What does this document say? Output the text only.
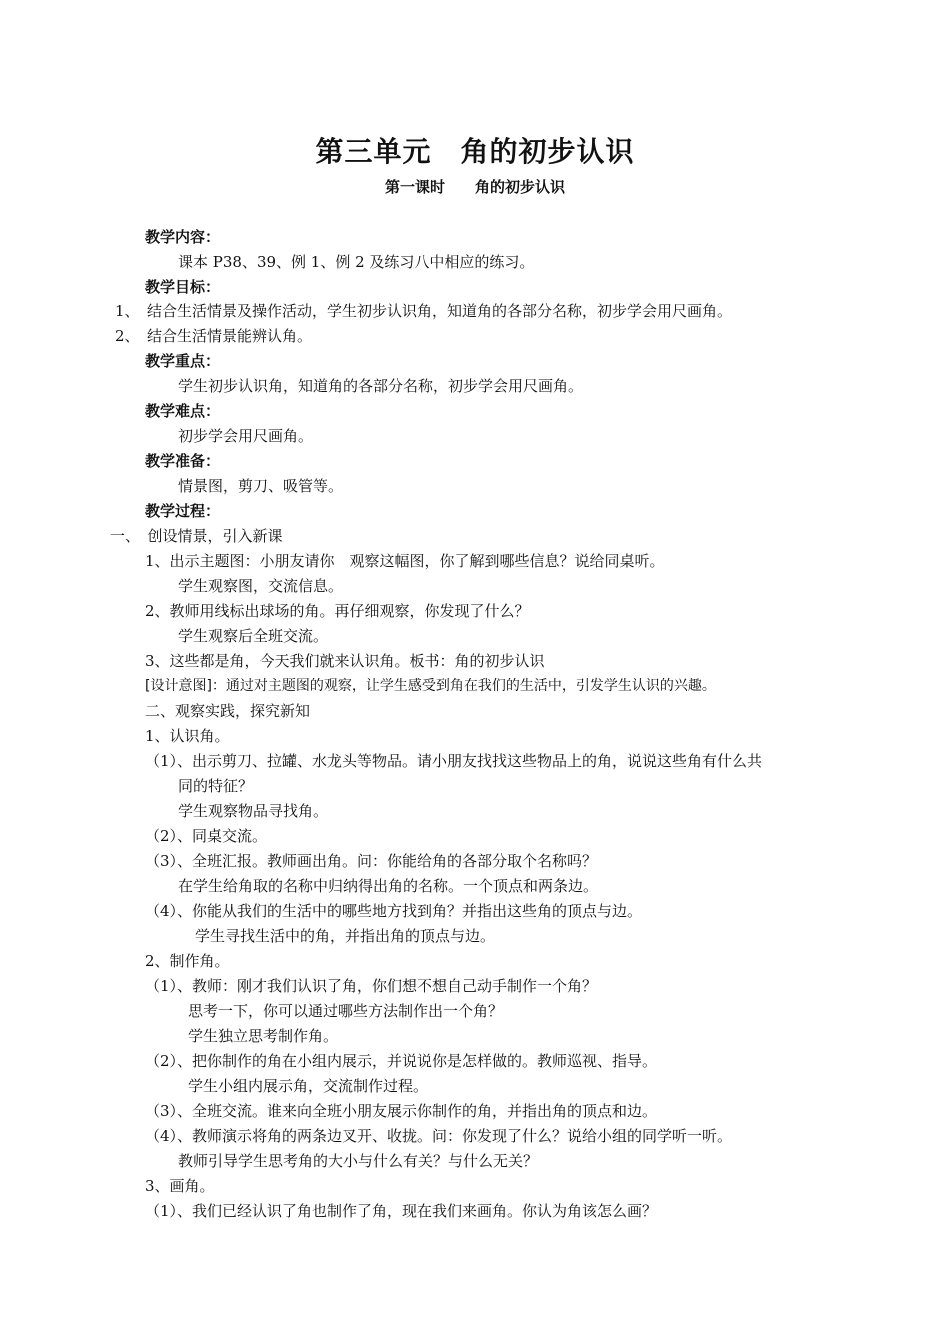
第三单元　角的初步认识
第一课时　　角的初步认识
教学内容：
课本 P38、39、例 1、例 2 及练习八中相应的练习。
教学目标：
1、　结合生活情景及操作活动，学生初步认识角，知道角的各部分名称，初步学会用尺画角。
2、　结合生活情景能辨认角。
教学重点：
学生初步认识角，知道角的各部分名称，初步学会用尺画角。
教学难点：
初步学会用尺画角。
教学准备：
情景图，剪刀、吸管等。
教学过程：
一、　创设情景，引入新课
1、出示主题图：小朋友请你　观察这幅图，你了解到哪些信息？说给同桌听。
学生观察图，交流信息。
2、教师用线标出球场的角。再仔细观察，你发现了什么？
学生观察后全班交流。
3、这些都是角，今天我们就来认识角。板书：角的初步认识
[设计意图]：通过对主题图的观察，让学生感受到角在我们的生活中，引发学生认识的兴趣。
二、观察实践，探究新知
1、认识角。
（1）、出示剪刀、拉罐、水龙头等物品。请小朋友找找这些物品上的角，说说这些角有什么共
同的特征？
学生观察物品寻找角。
（2）、同桌交流。
（3）、全班汇报。教师画出角。问：你能给角的各部分取个名称吗？
在学生给角取的名称中归纳得出角的名称。一个顶点和两条边。
（4）、你能从我们的生活中的哪些地方找到角？并指出这些角的顶点与边。
学生寻找生活中的角，并指出角的顶点与边。
2、制作角。
（1）、教师：刚才我们认识了角，你们想不想自己动手制作一个角？
思考一下，你可以通过哪些方法制作出一个角？
学生独立思考制作角。
（2）、把你制作的角在小组内展示，并说说你是怎样做的。教师巡视、指导。
学生小组内展示角，交流制作过程。
（3）、全班交流。谁来向全班小朋友展示你制作的角，并指出角的顶点和边。
（4）、教师演示将角的两条边叉开、收拢。问：你发现了什么？说给小组的同学听一听。
教师引导学生思考角的大小与什么有关？与什么无关？
3、画角。
（1）、我们已经认识了角也制作了角，现在我们来画角。你认为角该怎么画？
